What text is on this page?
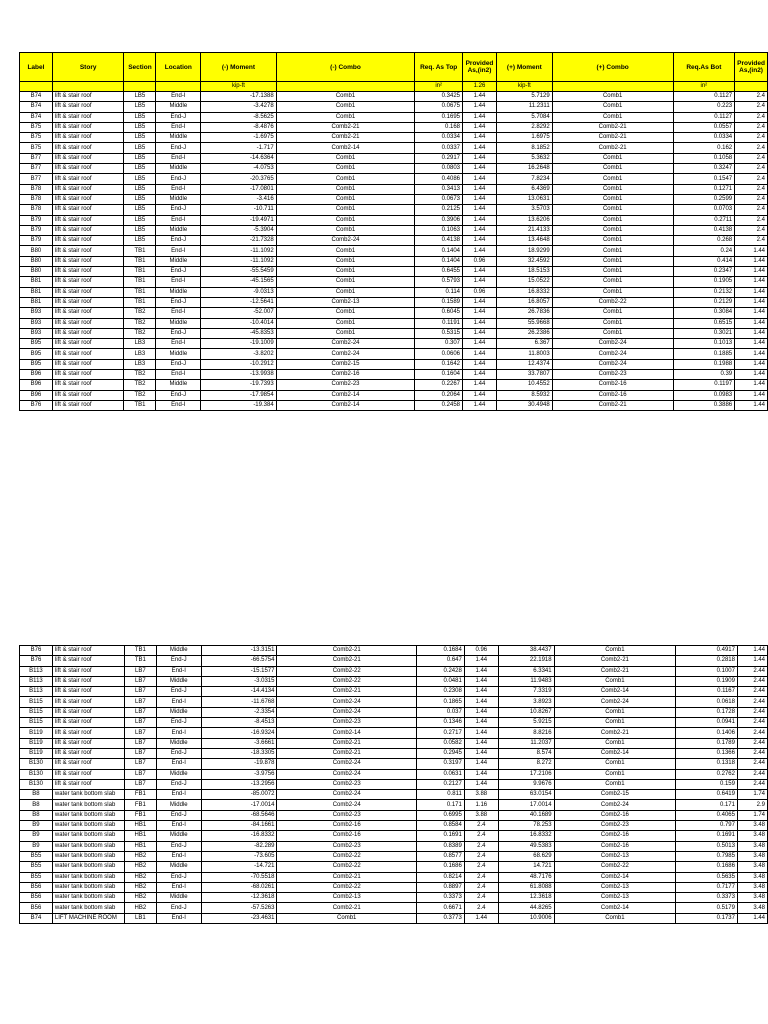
Label	Story	Section	Location	(-) Moment	(-) Combo	Req. As Top	Provided As,(in2)	(+) Moment	(+) Combo	Req.As Bot	Provided As,(in2)
				kip-ft		in²	1.26	kip-ft		in²	
B74	lift & stair roof	LB5	End-I	-17.1388	Comb1	0.3425	1.44	5.7129	Comb1	0.1127	2.4
B74	lift & stair roof	LB5	Middle	-3.4278	Comb1	0.0675	1.44	11.2311	Comb1	0.223	2.4
B74	lift & stair roof	LB5	End-J	-8.5625	Comb1	0.1695	1.44	5.7084	Comb1	0.1127	2.4
B75	lift & stair roof	LB5	End-I	-8.4876	Comb2-21	0.168	1.44	2.8292	Comb2-21	0.0557	2.4
B75	lift & stair roof	LB5	Middle	-1.6975	Comb2-21	0.0334	1.44	1.6975	Comb2-21	0.0334	2.4
B75	lift & stair roof	LB5	End-J	-1.717	Comb2-14	0.0337	1.44	8.1852	Comb2-21	0.162	2.4
B77	lift & stair roof	LB5	End-I	-14.6364	Comb1	0.2917	1.44	5.3632	Comb1	0.1058	2.4
B77	lift & stair roof	LB5	Middle	-4.0753	Comb1	0.0803	1.44	16.2648	Comb1	0.3247	2.4
B77	lift & stair roof	LB5	End-J	-20.3765	Comb1	0.4086	1.44	7.8234	Comb1	0.1547	2.4
B78	lift & stair roof	LB5	End-I	-17.0801	Comb1	0.3413	1.44	6.4369	Comb1	0.1271	2.4
B78	lift & stair roof	LB5	Middle	-3.416	Comb1	0.0673	1.44	13.0631	Comb1	0.2599	2.4
B78	lift & stair roof	LB5	End-J	-10.711	Comb1	0.2125	1.44	3.5703	Comb1	0.0703	2.4
B79	lift & stair roof	LB5	End-I	-19.4971	Comb1	0.3906	1.44	13.6206	Comb1	0.2711	2.4
B79	lift & stair roof	LB5	Middle	-5.3904	Comb1	0.1063	1.44	21.4133	Comb1	0.4138	2.4
B79	lift & stair roof	LB5	End-J	-21.7328	Comb2-24	0.4138	1.44	13.4648	Comb1	0.268	2.4
B80	lift & stair roof	TB1	End-I	-11.1092	Comb1	0.1404	1.44	18.9299	Comb1	0.24	1.44
B80	lift & stair roof	TB1	Middle	-11.1092	Comb1	0.1404	0.96	32.4592	Comb1	0.414	1.44
B80	lift & stair roof	TB1	End-J	-55.5459	Comb1	0.6455	1.44	18.5153	Comb1	0.2347	1.44
B81	lift & stair roof	TB1	End-I	-45.1565	Comb1	0.5793	1.44	15.0522	Comb1	0.1905	1.44
B81	lift & stair roof	TB1	Middle	-9.0313	Comb1	0.114	0.96	16.8332	Comb1	0.2132	1.44
B81	lift & stair roof	TB1	End-J	-12.5641	Comb2-13	0.1589	1.44	16.8057	Comb2-22	0.2129	1.44
B93	lift & stair roof	TB2	End-I	-52.007	Comb1	0.6045	1.44	26.7836	Comb1	0.3084	1.44
B93	lift & stair roof	TB2	Middle	-10.4014	Comb1	0.1191	1.44	55.9668	Comb1	0.6515	1.44
B93	lift & stair roof	TB2	End-J	-45.8353	Comb1	0.5315	1.44	26.2386	Comb1	0.3021	1.44
B95	lift & stair roof	LB3	End-I	-19.1009	Comb2-24	0.307	1.44	6.367	Comb2-24	0.1013	1.44
B95	lift & stair roof	LB3	Middle	-3.8202	Comb2-24	0.0606	1.44	11.8003	Comb2-24	0.1885	1.44
B95	lift & stair roof	LB3	End-J	-10.2912	Comb2-15	0.1642	1.44	12.4374	Comb2-24	0.1988	1.44
B96	lift & stair roof	TB2	End-I	-13.9938	Comb2-16	0.1604	1.44	33.7807	Comb2-23	0.39	1.44
B96	lift & stair roof	TB2	Middle	-19.7393	Comb2-23	0.2267	1.44	10.4552	Comb2-16	0.1197	1.44
B96	lift & stair roof	TB2	End-J	-17.9854	Comb2-14	0.2064	1.44	8.5932	Comb2-16	0.0983	1.44
B76	lift & stair roof	TB1	End-I	-19.384	Comb2-14	0.2458	1.44	30.4948	Comb2-21	0.3886	1.44
B76	lift & stair roof	TB1	Middle	-13.3151	Comb2-21	0.1684	0.96	38.4437	Comb1	0.4917	1.44
B76	lift & stair roof	TB1	End-J	-66.5754	Comb2-21	0.647	1.44	22.1918	Comb2-21	0.2818	1.44
B113	lift & stair roof	LB7	End-I	-15.1577	Comb2-22	0.2428	1.44	6.3341	Comb2-21	0.1007	2.44
B113	lift & stair roof	LB7	Middle	-3.0315	Comb2-22	0.0481	1.44	11.9483	Comb1	0.1909	2.44
B113	lift & stair roof	LB7	End-J	-14.4134	Comb2-21	0.2308	1.44	7.3319	Comb2-14	0.1167	2.44
B115	lift & stair roof	LB7	End-I	-11.6768	Comb2-24	0.1865	1.44	3.8923	Comb2-24	0.0618	2.44
B115	lift & stair roof	LB7	Middle	-2.3354	Comb2-24	0.037	1.44	10.8267	Comb1	0.1728	2.44
B115	lift & stair roof	LB7	End-J	-8.4513	Comb2-23	0.1346	1.44	5.9215	Comb1	0.0941	2.44
B119	lift & stair roof	LB7	End-I	-16.9324	Comb2-14	0.2717	1.44	8.8216	Comb2-21	0.1406	2.44
B119	lift & stair roof	LB7	Middle	-3.6661	Comb2-21	0.0582	1.44	11.2037	Comb1	0.1789	2.44
B119	lift & stair roof	LB7	End-J	-18.3305	Comb2-21	0.2945	1.44	8.574	Comb2-14	0.1366	2.44
B130	lift & stair roof	LB7	End-I	-19.878	Comb2-24	0.3197	1.44	8.272	Comb1	0.1318	2.44
B130	lift & stair roof	LB7	Middle	-3.9756	Comb2-24	0.0631	1.44	17.2106	Comb1	0.2762	2.44
B130	lift & stair roof	LB7	End-J	-13.2956	Comb2-23	0.2127	1.44	9.9676	Comb1	0.159	2.44
B8	water tank bottom slab	FB1	End-I	-85.0072	Comb2-24	0.811	3.88	63.0154	Comb2-15	0.6419	1.74
B8	water tank bottom slab	FB1	Middle	-17.0014	Comb2-24	0.171	1.16	17.0014	Comb2-24	0.171	2.9
B8	water tank bottom slab	FB1	End-J	-68.5646	Comb2-23	0.6995	3.88	40.1689	Comb2-16	0.4065	1.74
B9	water tank bottom slab	HB1	End-I	-84.1661	Comb2-16	0.8584	2.4	78.253	Comb2-23	0.797	3.48
B9	water tank bottom slab	HB1	Middle	-16.8332	Comb2-16	0.1691	2.4	16.8332	Comb2-16	0.1691	3.48
B9	water tank bottom slab	HB1	End-J	-82.289	Comb2-23	0.8389	2.4	49.5383	Comb2-16	0.5013	3.48
B55	water tank bottom slab	HB2	End-I	-73.605	Comb2-22	0.8577	2.4	68.629	Comb2-13	0.7985	3.48
B55	water tank bottom slab	HB2	Middle	-14.721	Comb2-22	0.1686	2.4	14.721	Comb2-22	0.1686	3.48
B55	water tank bottom slab	HB2	End-J	-70.5518	Comb2-21	0.8214	2.4	48.7176	Comb2-14	0.5635	3.48
B56	water tank bottom slab	HB2	End-I	-68.0261	Comb2-22	0.8897	2.4	61.8088	Comb2-13	0.7177	3.48
B56	water tank bottom slab	HB2	Middle	-12.3618	Comb2-13	0.3373	2.4	12.3618	Comb2-13	0.3373	3.48
B56	water tank bottom slab	HB2	End-J	-57.5263	Comb2-21	0.6671	2.4	44.8265	Comb2-14	0.5179	3.48
B74	LIFT MACHINE ROOM	LB1	End-I	-23.4631	Comb1	0.3773	1.44	10.9006	Comb1	0.1737	1.44
